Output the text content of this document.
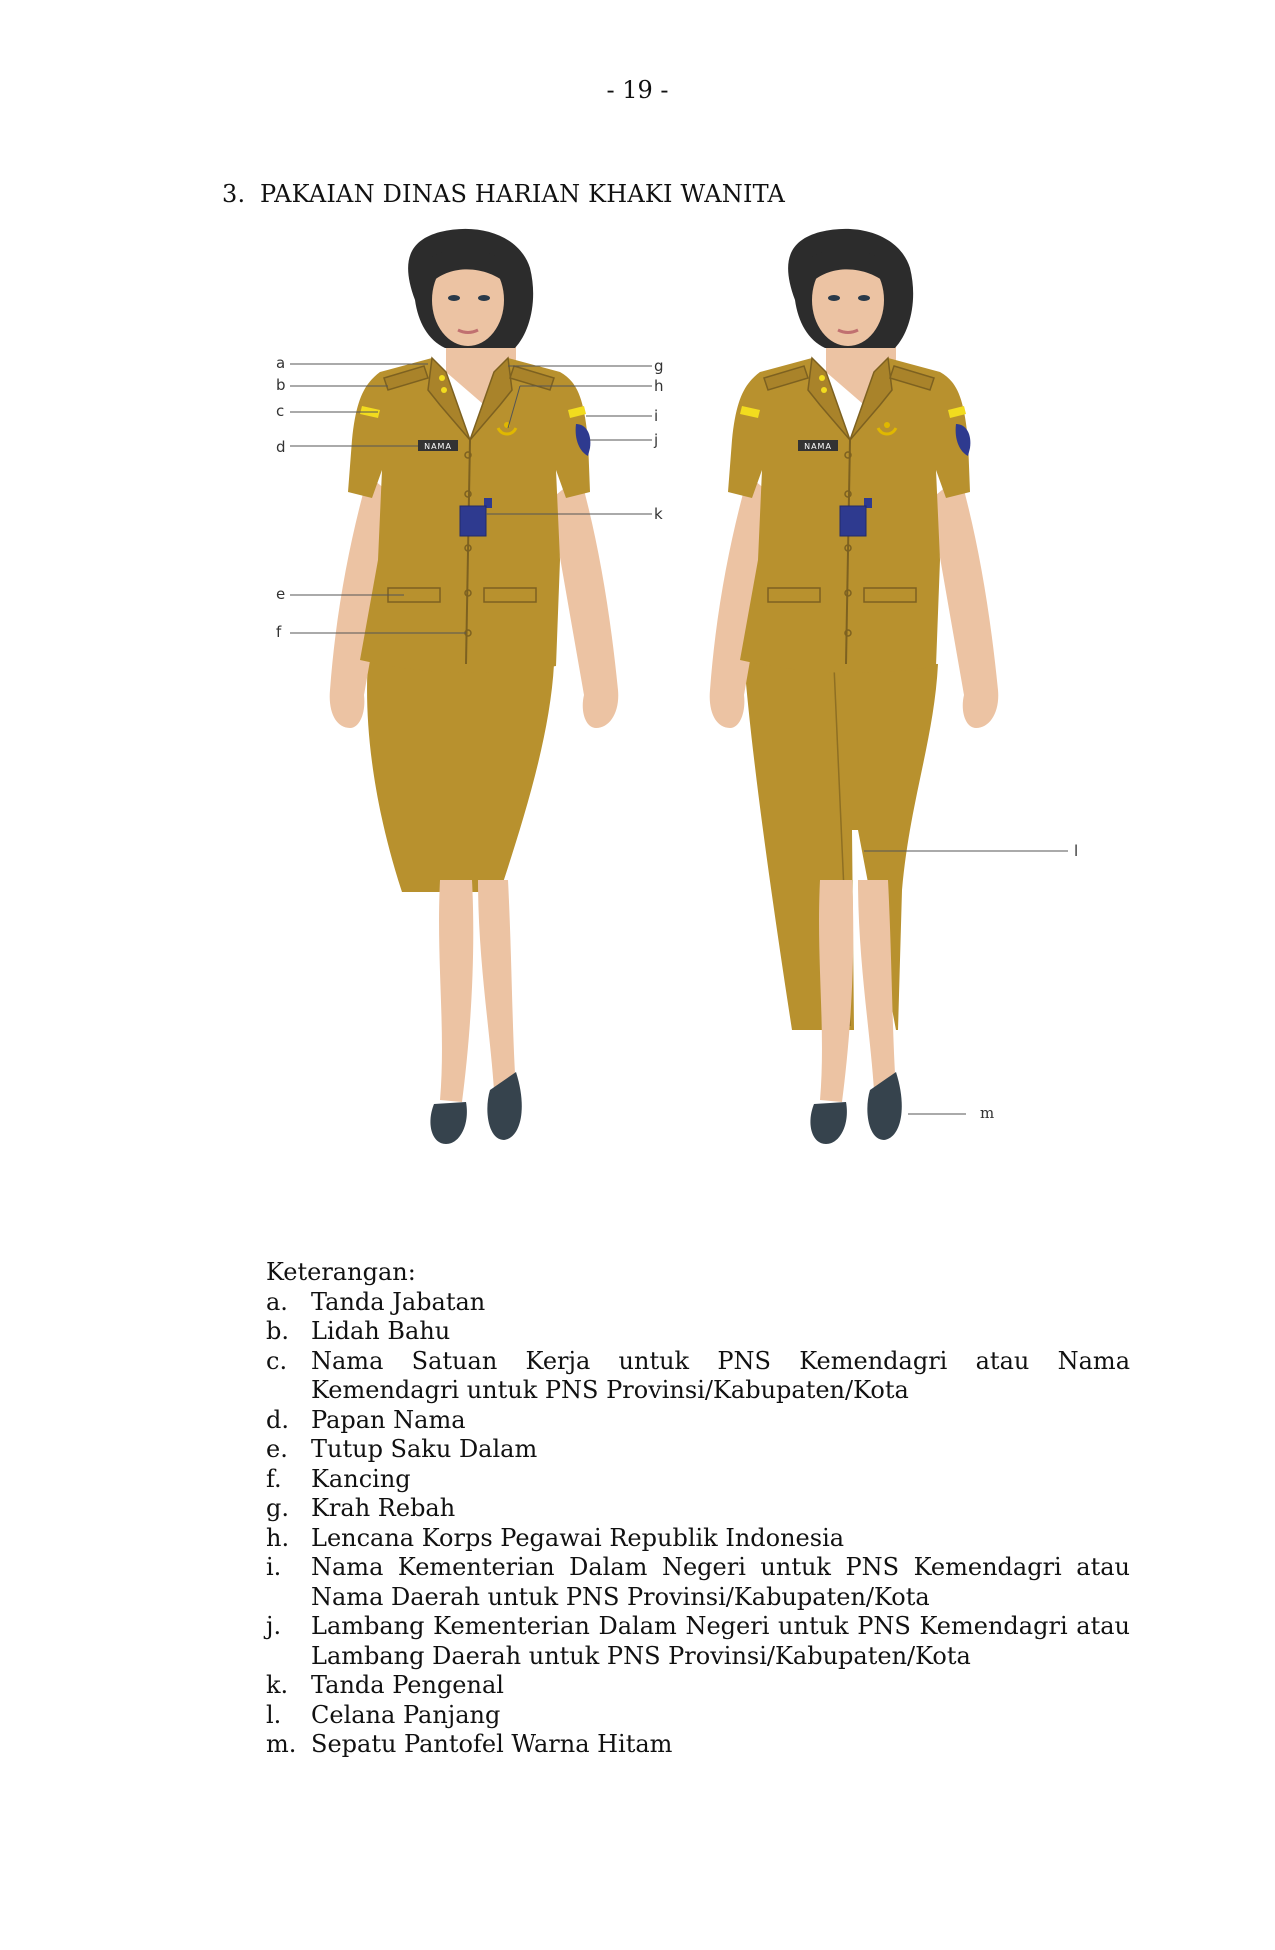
- 19 -
3. PAKAIAN DINAS HARIAN KHAKI WANITA
NAMA	NAMA
a
b
c
d
e
f
g
h
i
j
k
l
m

Keterangan:

a. Tanda Jabatan
b. Lidah Bahu
c. Nama Satuan Kerja untuk PNS Kemendagri atau Nama Kemendagri untuk PNS Provinsi/Kabupaten/Kota
d. Papan Nama
e. Tutup Saku Dalam
f.	Kancing
g. Krah Rebah
h. Lencana Korps Pegawai Republik Indonesia
i.	Nama Kementerian Dalam Negeri untuk PNS Kemendagri atau Nama Daerah untuk PNS Provinsi/Kabupaten/Kota
j.	Lambang Kementerian Dalam Negeri untuk PNS Kemendagri atau Lambang Daerah untuk PNS Provinsi/Kabupaten/Kota
k. Tanda Pengenal
l.	Celana Panjang
m. Sepatu Pantofel Warna Hitam
